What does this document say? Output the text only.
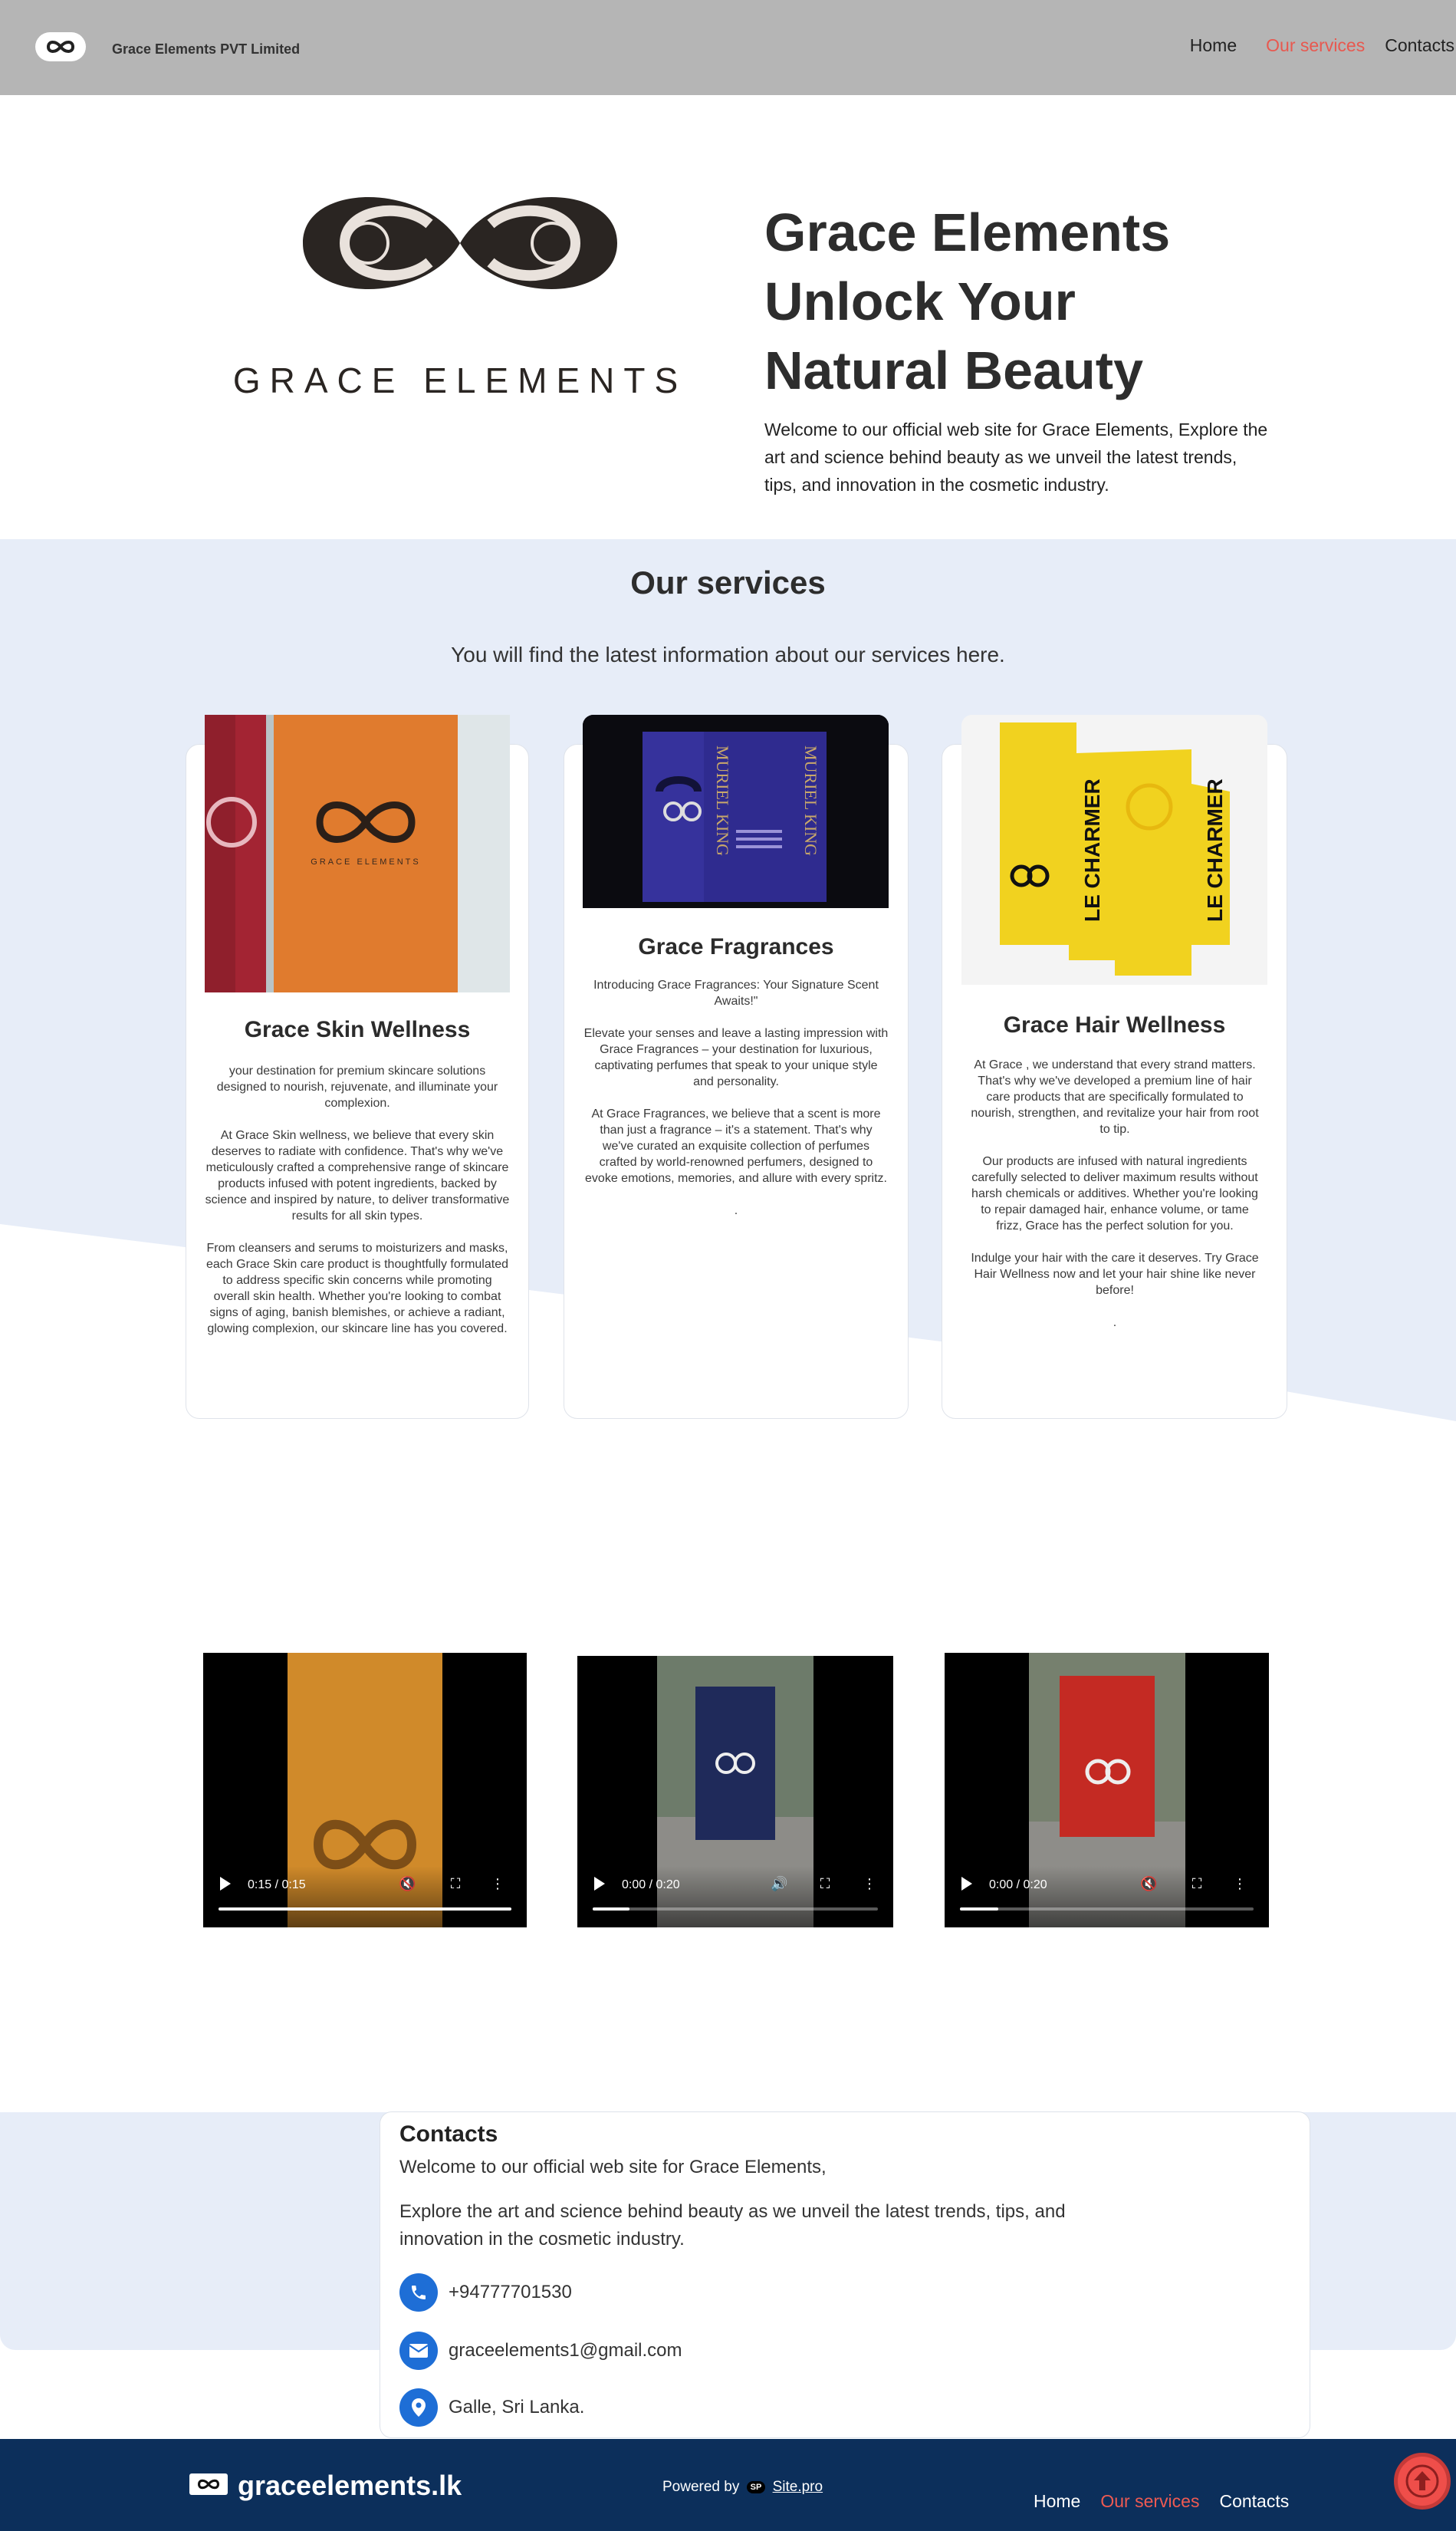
Grace Elements PVT Limited	Home Our services Contacts
GRACE ELEMENTS
Grace Elements
Unlock Your
Natural Beauty
Welcome to our official web site for Grace Elements, Explore the art and science behind beauty as we unveil the latest trends, tips, and innovation in the cosmetic industry.
Our services
You will find the latest information about our services here.
GRACE ELEMENTS
Grace Skin Wellness

your destination for premium skincare solutions designed to nourish, rejuvenate, and illuminate your complexion.

At Grace Skin wellness, we believe that every skin deserves to radiate with confidence. That's why we've meticulously crafted a comprehensive range of skincare products infused with potent ingredients, backed by science and inspired by nature, to deliver transformative results for all skin types.

From cleansers and serums to moisturizers and masks, each Grace Skin care product is thoughtfully formulated to address specific skin concerns while promoting overall skin health. Whether you're looking to combat signs of aging, banish blemishes, or achieve a radiant, glowing complexion, our skincare line has you covered.

MURIEL KING	MURIEL KING
Grace Fragrances

Introducing Grace Fragrances: Your Signature Scent Awaits!"

Elevate your senses and leave a lasting impression with Grace Fragrances – your destination for luxurious, captivating perfumes that speak to your unique style and personality.

At Grace Fragrances, we believe that a scent is more than just a fragrance – it's a statement. That's why we've curated an exquisite collection of perfumes crafted by world-renowned perfumers, designed to evoke emotions, memories, and allure with every spritz.

.

LE CHARMER	LE CHARMER
Grace Hair Wellness

At Grace , we understand that every strand matters. That's why we've developed a premium line of hair care products that are specifically formulated to nourish, strengthen, and revitalize your hair from root to tip.

Our products are infused with natural ingredients carefully selected to deliver maximum results without harsh chemicals or additives. Whether you're looking to repair damaged hair, enhance volume, or tame frizz, Grace has the perfect solution for you.

Indulge your hair with the care it deserves. Try Grace Hair Wellness now and let your hair shine like never before!

.

0:15 / 0:15	🔇	⛶ ⋮	0:00 / 0:20	🔊 ⛶ ⋮	0:00 / 0:20	🔇	⛶ ⋮
Contacts
Welcome to our official web site for Grace Elements,
Explore the art and science behind beauty as we unveil the latest trends, tips, and innovation in the cosmetic industry.
+94777701530
graceelements1@gmail.com
Galle, Sri Lanka.
graceelements.lk	Powered by SP Site.pro
Home Our services Contacts
